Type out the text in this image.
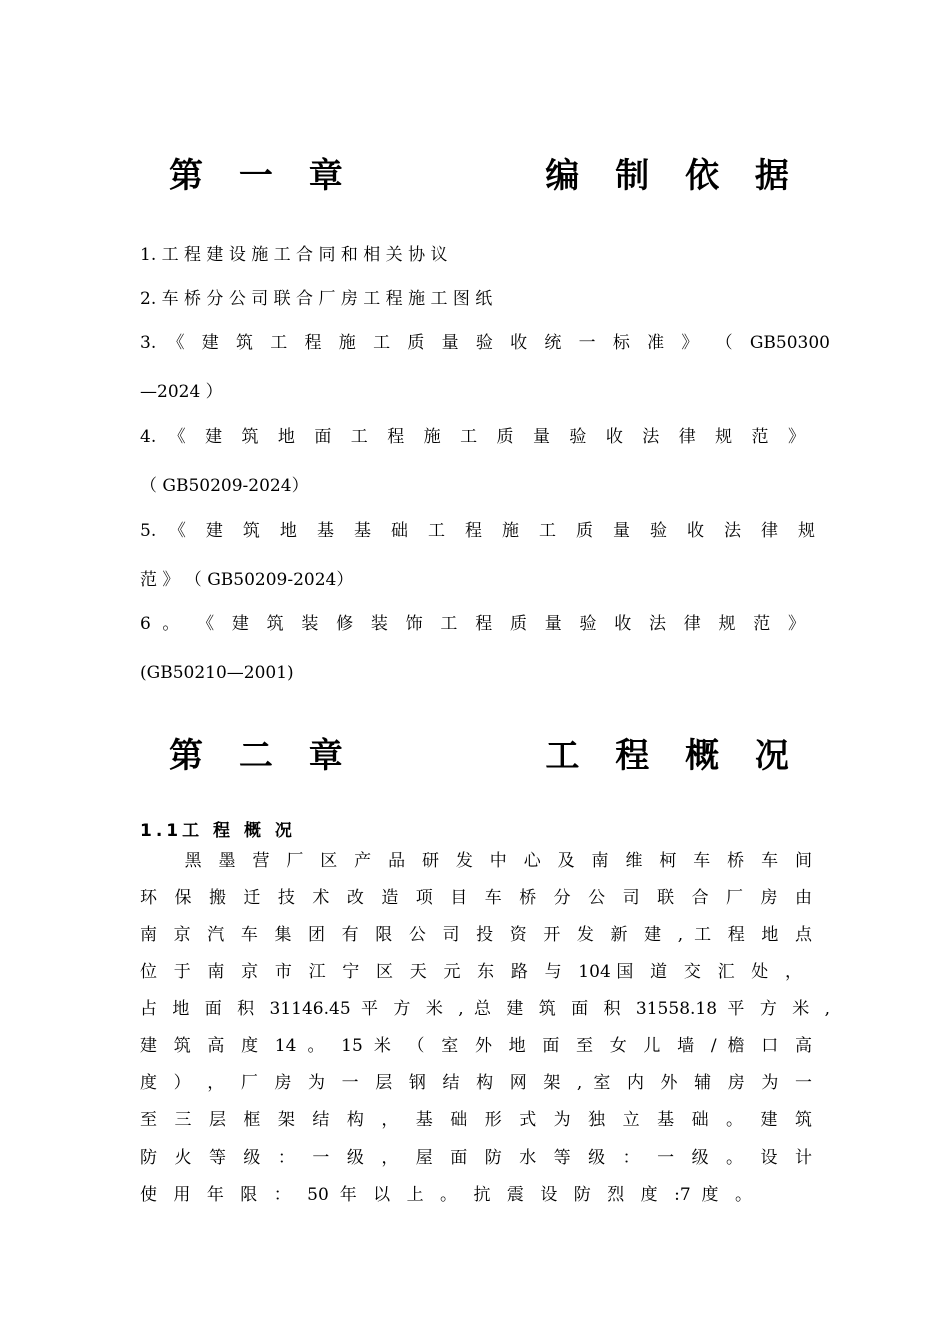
第 一 章        编 制 依 据
1. 工 程 建 设 施 工 合 同 和 相 关 协 议
2. 车 桥 分 公 司 联 合 厂 房 工 程 施 工 图 纸
3. 《 建 筑 工 程 施 工 质 量 验 收 统 一 标 准 》 （ GB50300
—2024 ）
4. 《 建 筑 地 面 工 程 施 工 质 量 验 收 法 律 规 范 》
（ GB50209-2024）
5. 《 建 筑 地 基 基 础 工 程 施 工 质 量 验 收 法 律 规
范 》 （ GB50209-2024）
6 。 《 建 筑 装 修 装 饰 工 程 质 量 验 收 法 律 规 范 》
(GB50210—2001)
第 二 章        工 程 概 况
1.1工 程 概 况
黑 墨 营 厂 区 产 品 研 发 中 心 及 南 维 柯 车 桥 车 间
环 保 搬 迁 技 术 改 造 项 目 车 桥 分 公 司 联 合 厂 房 由
南 京 汽 车 集 团 有 限 公 司 投 资 开 发 新 建 , 工 程 地 点
位 于 南 京 市 江 宁 区 天 元 东 路 与 104国 道 交 汇 处 ，
占 地 面 积 31146.45 平 方 米 , 总 建 筑 面 积 31558.18 平 方 米 ,
建 筑 高 度 14 。 15 米 （ 室 外 地 面 至 女 儿 墙 / 檐 口 高
度 ） ， 厂 房 为 一 层 钢 结 构 网 架 , 室 内 外 辅 房 为 一
至 三 层 框 架 结 构 ， 基 础 形 式 为 独 立 基 础 。 建 筑
防 火 等 级 ： 一 级 ， 屋 面 防 水 等 级 ： 一 级 。 设 计
使 用 年 限 ： 50 年 以 上 。 抗 震 设 防 烈 度 :7 度 。
